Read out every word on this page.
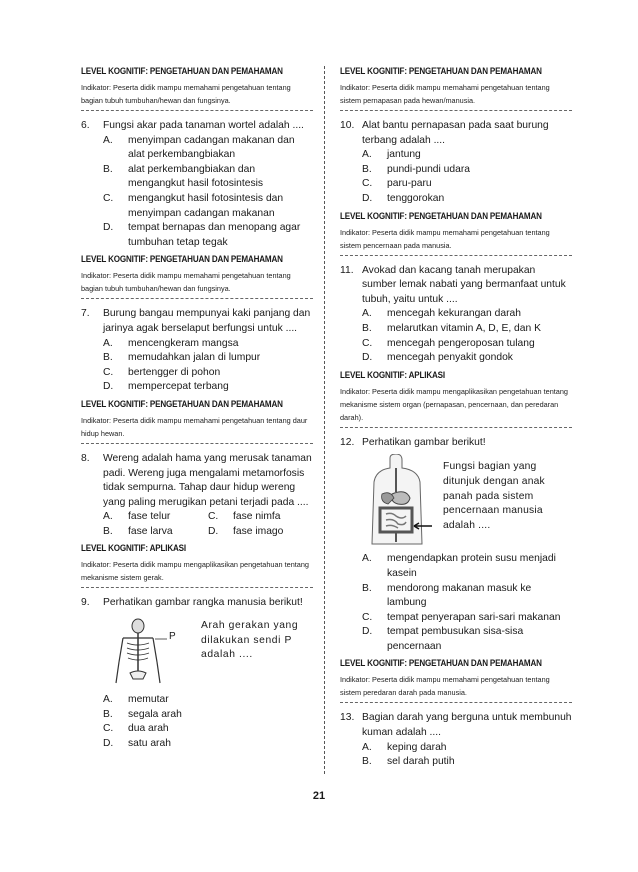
LEVEL KOGNITIF: PENGETAHUAN DAN PEMAHAMAN

Indikator: Peserta didik mampu memahami pengetahuan tentang bagian tubuh tumbuhan/hewan dan fungsinya.

6.	Fungsi akar pada tanaman wortel adalah ....
A.	menyimpan cadangan makanan dan alat perkembangbiakan
B.	alat perkembangbiakan dan mengangkut hasil fotosintesis
C.	mengangkut hasil fotosintesis dan menyimpan cadangan makanan
D.	tempat bernapas dan menopang agar tumbuhan tetap tegak

LEVEL KOGNITIF: PENGETAHUAN DAN PEMAHAMAN

Indikator: Peserta didik mampu memahami pengetahuan tentang bagian tubuh tumbuhan/hewan dan fungsinya.

7.	Burung bangau mempunyai kaki panjang dan jarinya agak berselaput berfungsi untuk ....
A.	mencengkeram mangsa
B.	memudahkan jalan di lumpur
C.	bertengger di pohon
D.	mempercepat terbang

LEVEL KOGNITIF: PENGETAHUAN DAN PEMAHAMAN

Indikator: Peserta didik mampu memahami pengetahuan tentang daur hidup hewan.

8.	Wereng adalah hama yang merusak tanaman padi. Wereng juga mengalami metamorfosis tidak sempurna. Tahap daur hidup wereng yang paling merugikan petani terjadi pada ....
A.	fase telur	C.	fase nimfa
B.	fase larva	D.	fase imago

LEVEL KOGNITIF: APLIKASI

Indikator: Peserta didik mampu mengaplikasikan pengetahuan tentang mekanisme sistem gerak.

9.	Perhatikan gambar rangka manusia berikut!
P
Arah gerakan yang dilakukan sendi P adalah ....
A.	memutar
B.	segala arah
C.	dua arah
D.	satu arah

LEVEL KOGNITIF: PENGETAHUAN DAN PEMAHAMAN

Indikator: Peserta didik mampu memahami pengetahuan tentang sistem pernapasan pada hewan/manusia.

10. Alat bantu pernapasan pada saat burung terbang adalah ....
A.	jantung
B.	pundi-pundi udara
C.	paru-paru
D.	tenggorokan

LEVEL KOGNITIF: PENGETAHUAN DAN PEMAHAMAN

Indikator: Peserta didik mampu memahami pengetahuan tentang sistem pencernaan pada manusia.

11. Avokad dan kacang tanah merupakan sumber lemak nabati yang bermanfaat untuk tubuh, yaitu untuk ....
A.	mencegah kekurangan darah
B.	melarutkan vitamin A, D, E, dan K
C.	mencegah pengeroposan tulang
D.	mencegah penyakit gondok

LEVEL KOGNITIF: APLIKASI

Indikator: Peserta didik mampu mengaplikasikan pengetahuan tentang mekanisme sistem organ (pernapasan, pencernaan, dan peredaran darah).

12. Perhatikan gambar berikut!
Fungsi bagian yang ditunjuk dengan anak panah pada sistem pencernaan manusia adalah ....
A.	mengendapkan protein susu menjadi kasein
B.	mendorong makanan masuk ke lambung
C.	tempat penyerapan sari-sari makanan
D.	tempat pembusukan sisa-sisa pencernaan

LEVEL KOGNITIF: PENGETAHUAN DAN PEMAHAMAN

Indikator: Peserta didik mampu memahami pengetahuan tentang sistem peredaran darah pada manusia.

13. Bagian darah yang berguna untuk membunuh kuman adalah ....
A.	keping darah
B.	sel darah putih
21
